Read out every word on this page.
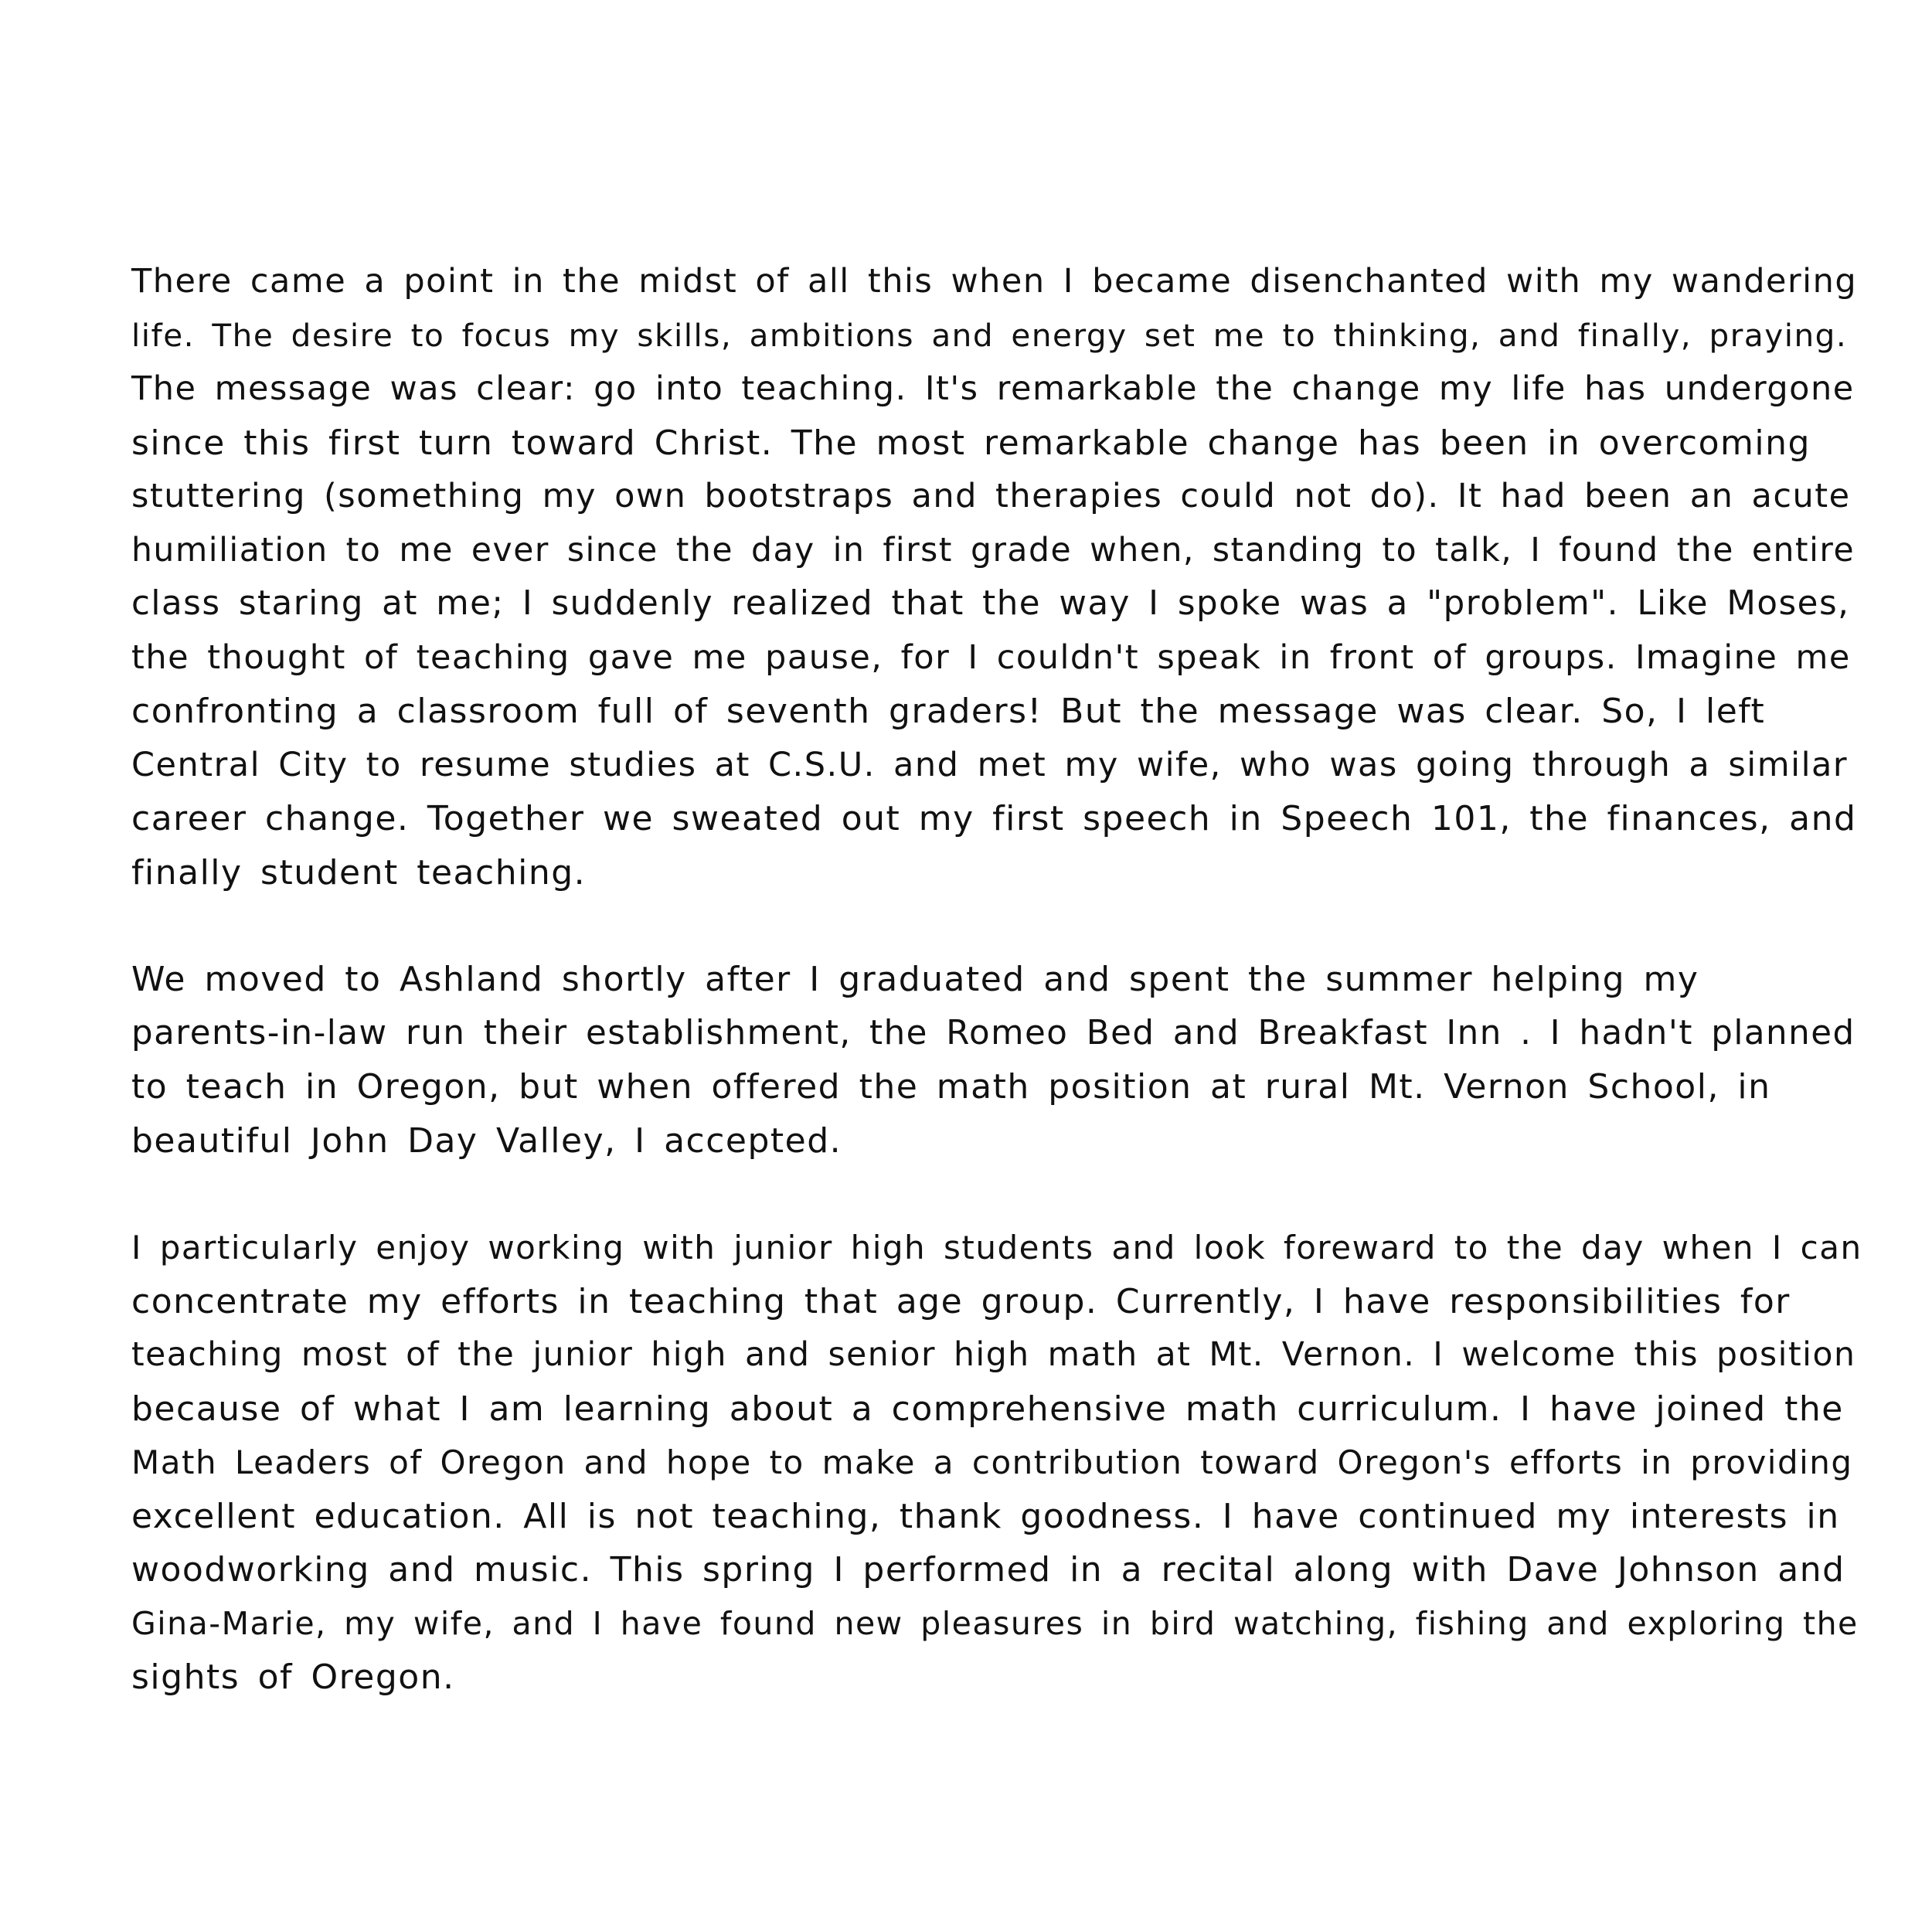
There came a point in the midst of all this when I became disenchanted with my wandering
life. The desire to focus my skills, ambitions and energy set me to thinking, and finally, praying.
The message was clear: go into teaching. It's remarkable the change my life has undergone
since this first turn toward Christ. The most remarkable change has been in overcoming
stuttering (something my own bootstraps and therapies could not do). It had been an acute
humiliation to me ever since the day in first grade when, standing to talk, I found the entire
class staring at me; I suddenly realized that the way I spoke was a "problem". Like Moses,
the thought of teaching gave me pause, for I couldn't speak in front of groups. Imagine me
confronting a classroom full of seventh graders! But the message was clear. So, I left
Central City to resume studies at C.S.U. and met my wife, who was going through a similar
career change. Together we sweated out my first speech in Speech 101, the finances, and
finally student teaching.
We moved to Ashland shortly after I graduated and spent the summer helping my
parents-in-law run their establishment, the Romeo Bed and Breakfast Inn . I hadn't planned
to teach in Oregon, but when offered the math position at rural Mt. Vernon School, in
beautiful John Day Valley, I accepted.
I particularly enjoy working with junior high students and look foreward to the day when I can
concentrate my efforts in teaching that age group. Currently, I have responsibilities for
teaching most of the junior high and senior high math at Mt. Vernon. I welcome this position
because of what I am learning about a comprehensive math curriculum. I have joined the
Math Leaders of Oregon and hope to make a contribution toward Oregon's efforts in providing
excellent education. All is not teaching, thank goodness. I have continued my interests in
woodworking and music. This spring I performed in a recital along with Dave Johnson and
Gina-Marie, my wife, and I have found new pleasures in bird watching, fishing and exploring the
sights of Oregon.
